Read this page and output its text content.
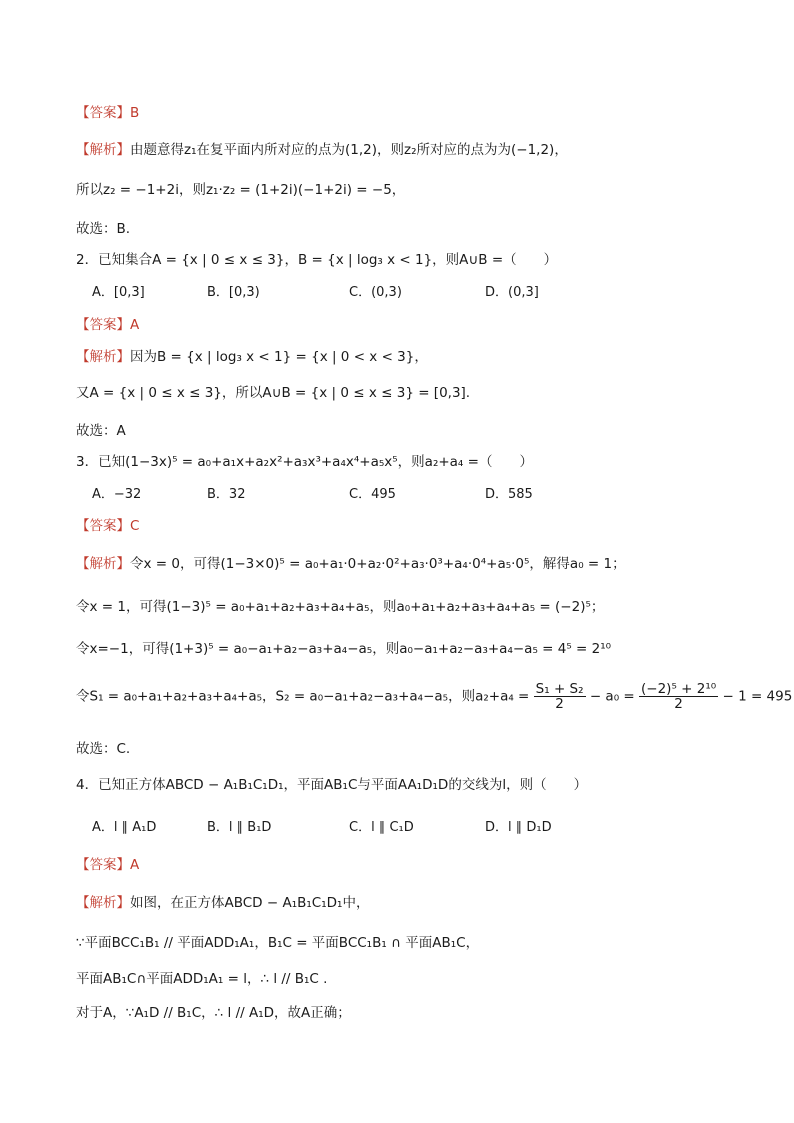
【答案】B
【解析】由题意得z₁在复平面内所对应的点为(1,2)，则z₂所对应的点为为(−1,2)，
所以z₂ = −1+2i，则z₁·z₂ = (1+2i)(−1+2i) = −5，
故选：B.
2．已知集合A = {x | 0 ≤ x ≤ 3}，B = {x | log₃ x < 1}，则A∪B =（　　）
A．[0,3]	B．[0,3)	C．(0,3)	D．(0,3]
【答案】A
【解析】因为B = {x | log₃ x < 1} = {x | 0 < x < 3}，
又A = {x | 0 ≤ x ≤ 3}，所以A∪B = {x | 0 ≤ x ≤ 3} = [0,3].
故选：A
3．已知(1−3x)⁵ = a₀+a₁x+a₂x²+a₃x³+a₄x⁴+a₅x⁵，则a₂+a₄ =（　　）
A．−32	B．32	C．495	D．585
【答案】C
【解析】令x = 0，可得(1−3×0)⁵ = a₀+a₁·0+a₂·0²+a₃·0³+a₄·0⁴+a₅·0⁵，解得a₀ = 1；
令x = 1，可得(1−3)⁵ = a₀+a₁+a₂+a₃+a₄+a₅，则a₀+a₁+a₂+a₃+a₄+a₅ = (−2)⁵；
令x=−1，可得(1+3)⁵ = a₀−a₁+a₂−a₃+a₄−a₅，则a₀−a₁+a₂−a₃+a₄−a₅ = 4⁵ = 2¹⁰
令S₁ = a₀+a₁+a₂+a₃+a₄+a₅，S₂ = a₀−a₁+a₂−a₃+a₄−a₅，则$a_2+a_4 = \frac{\text{S₁ + S₂}}{2} - a_0 = \frac{\text{(−2)⁵ + 2¹⁰}}{2} - 1 = 495$
故选：C.
4．已知正方体ABCD − A₁B₁C₁D₁，平面AB₁C与平面AA₁D₁D的交线为l，则（　　）
A．l ∥ A₁D	B．l ∥ B₁D	C．l ∥ C₁D	D．l ∥ D₁D
【答案】A
【解析】如图，在正方体ABCD − A₁B₁C₁D₁中，
∵平面BCC₁B₁ // 平面ADD₁A₁，B₁C = 平面BCC₁B₁ ∩ 平面AB₁C，
平面AB₁C∩平面ADD₁A₁ = l，∴ l // B₁C .
对于A，∵A₁D // B₁C，∴ l // A₁D，故A正确；
